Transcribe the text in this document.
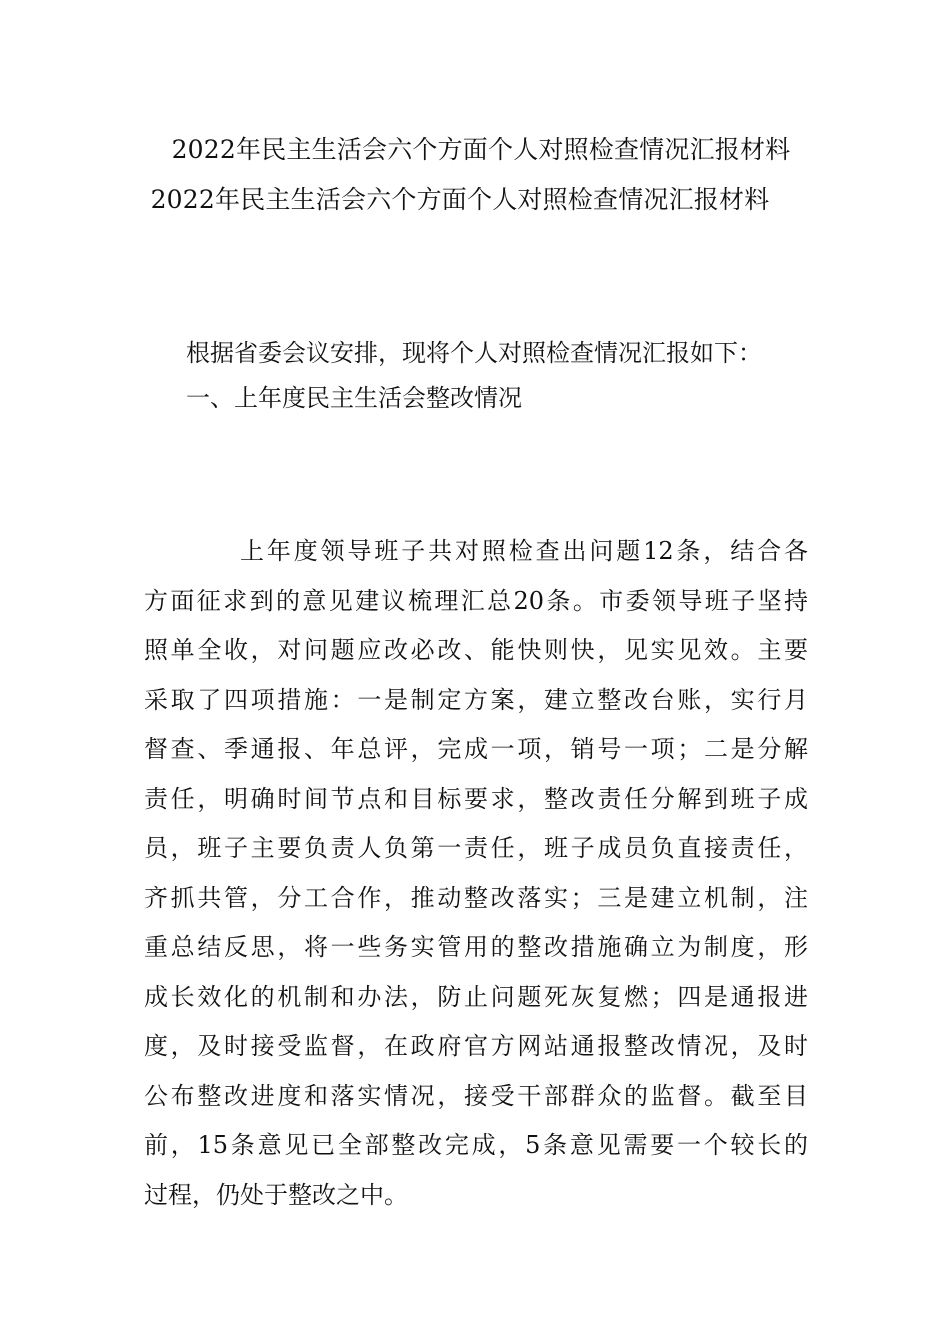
2022年民主生活会六个方面个人对照检查情况汇报材料
2022年民主生活会六个方面个人对照检查情况汇报材料
根据省委会议安排，现将个人对照检查情况汇报如下：
一、上年度民主生活会整改情况
上年度领导班子共对照检查出问题12条，结合各
方面征求到的意见建议梳理汇总20条。市委领导班子坚持
照单全收，对问题应改必改、能快则快，见实见效。主要
采取了四项措施：一是制定方案，建立整改台账，实行月
督查、季通报、年总评，完成一项，销号一项；二是分解
责任，明确时间节点和目标要求，整改责任分解到班子成
员，班子主要负责人负第一责任，班子成员负直接责任，
齐抓共管，分工合作，推动整改落实；三是建立机制，注
重总结反思，将一些务实管用的整改措施确立为制度，形
成长效化的机制和办法，防止问题死灰复燃；四是通报进
度，及时接受监督，在政府官方网站通报整改情况，及时
公布整改进度和落实情况，接受干部群众的监督。截至目
前，15条意见已全部整改完成，5条意见需要一个较长的
过程，仍处于整改之中。
